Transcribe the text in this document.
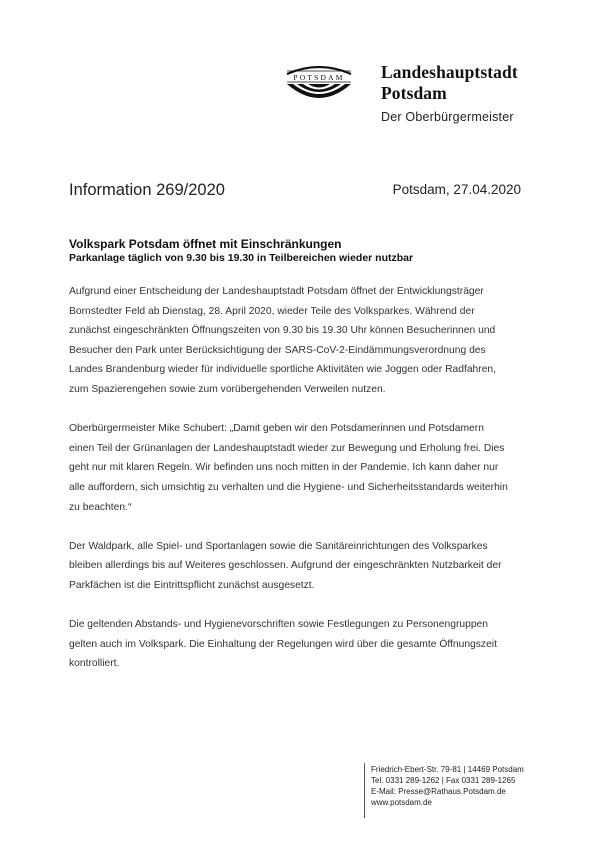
POTSDAM Landeshauptstadt
Potsdam
Der Oberbürgermeister
Information 269/2020	Potsdam, 27.04.2020
Volkspark Potsdam öffnet mit Einschränkungen
Parkanlage täglich von 9.30 bis 19.30 in Teilbereichen wieder nutzbar

Aufgrund einer Entscheidung der Landeshauptstadt Potsdam öffnet der Entwicklungsträger
Bornstedter Feld ab Dienstag, 28. April 2020, wieder Teile des Volksparkes. Während der
zunächst eingeschränkten Öffnungszeiten von 9.30 bis 19.30 Uhr können Besucherinnen und
Besucher den Park unter Berücksichtigung der SARS-CoV-2-Eindämmungsverordnung des
Landes Brandenburg wieder für individuelle sportliche Aktivitäten wie Joggen oder Radfahren,
zum Spazierengehen sowie zum vorübergehenden Verweilen nutzen.

Oberbürgermeister Mike Schubert: „Damit geben wir den Potsdamerinnen und Potsdamern
einen Teil der Grünanlagen der Landeshauptstadt wieder zur Bewegung und Erholung frei. Dies
geht nur mit klaren Regeln. Wir befinden uns noch mitten in der Pandemie. Ich kann daher nur
alle auffordern, sich umsichtig zu verhalten und die Hygiene- und Sicherheitsstandards weiterhin
zu beachten.“

Der Waldpark, alle Spiel- und Sportanlagen sowie die Sanitäreinrichtungen des Volksparkes
bleiben allerdings bis auf Weiteres geschlossen. Aufgrund der eingeschränkten Nutzbarkeit der
Parkfächen ist die Eintrittspflicht zunächst ausgesetzt.

Die geltenden Abstands- und Hygienevorschriften sowie Festlegungen zu Personengruppen
gelten auch im Volkspark. Die Einhaltung der Regelungen wird über die gesamte Öffnungszeit
kontrolliert.

Friedrich-Ebert-Str. 79-81 | 14469 Potsdam
Tel. 0331 289-1262 | Fax 0331 289-1265
E-Mail: Presse@Rathaus.Potsdam.de
www.potsdam.de
